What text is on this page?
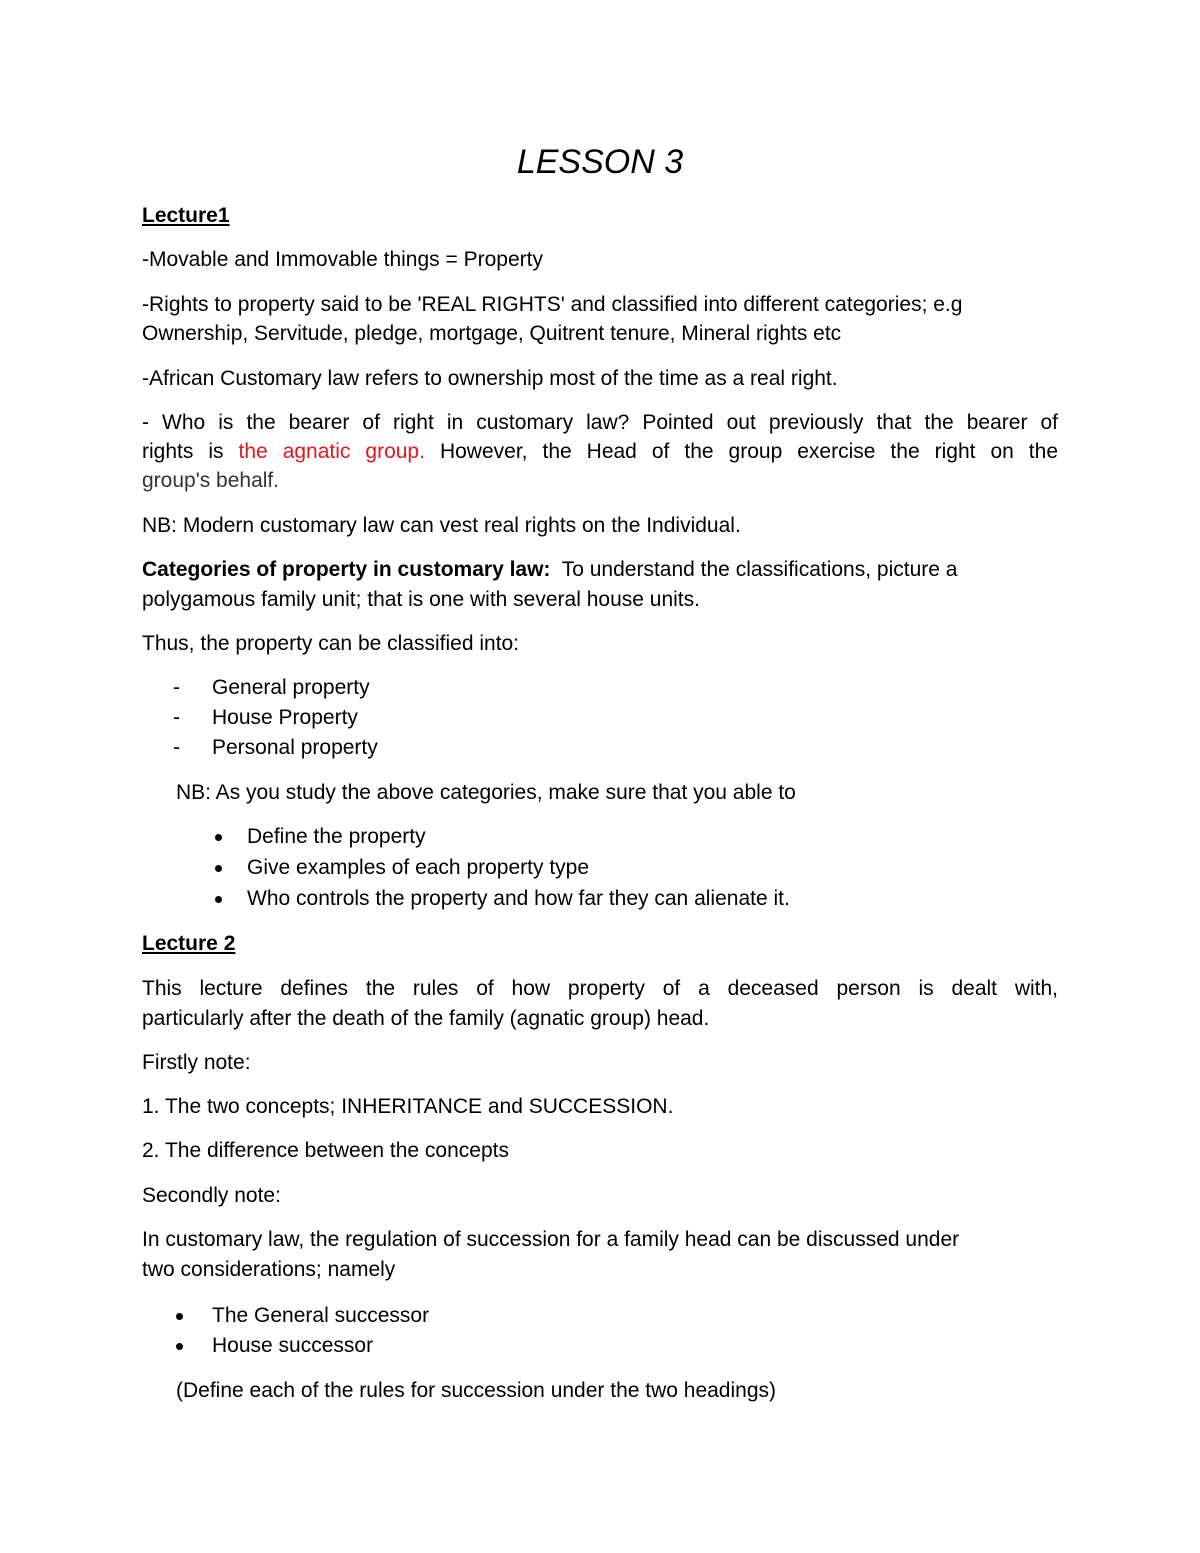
LESSON 3
Lecture1
-Movable and Immovable things = Property
-Rights to property said to be 'REAL RIGHTS' and classified into different categories; e.g
Ownership, Servitude, pledge, mortgage, Quitrent tenure, Mineral rights etc
-African Customary law refers to ownership most of the time as a real right.
- Who is the bearer of right in customary law? Pointed out previously that the bearer of
rights is the agnatic group. However, the Head of the group exercise the right on the
group's behalf.
NB: Modern customary law can vest real rights on the Individual.
Categories of property in customary law: To understand the classifications, picture a
polygamous family unit; that is one with several house units.
Thus, the property can be classified into:
- General property
- House Property
- Personal property
NB: As you study the above categories, make sure that you able to
Define the property
Give examples of each property type
Who controls the property and how far they can alienate it.
Lecture 2
This lecture defines the rules of how property of a deceased person is dealt with,
particularly after the death of the family (agnatic group) head.
Firstly note:
1. The two concepts; INHERITANCE and SUCCESSION.
2. The difference between the concepts
Secondly note:
In customary law, the regulation of succession for a family head can be discussed under
two considerations; namely
The General successor
House successor
(Define each of the rules for succession under the two headings)
